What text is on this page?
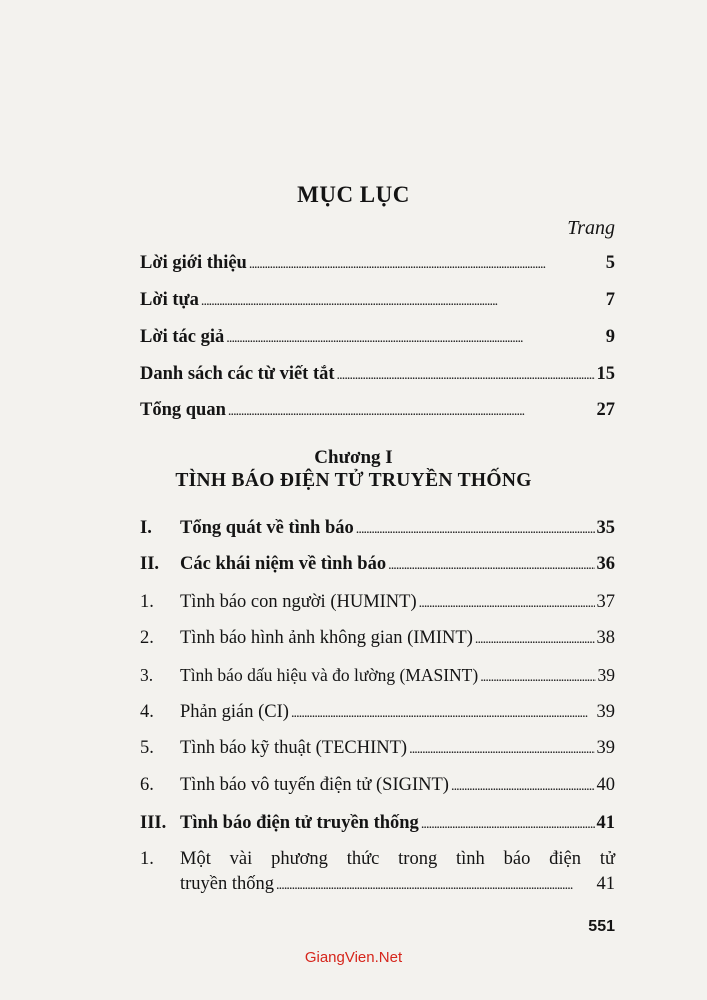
MỤC LỤC
Trang
Lời giới thiệu . . .	5
Lời tựa . . .	7
Lời tác giả . . .	9
Danh sách các từ viết tắt . . .	15
Tổng quan . . .	27
Chương I
TÌNH BÁO ĐIỆN TỬ TRUYỀN THỐNG
I.	Tổng quát về tình báo . . .	35
II.	Các khái niệm về tình báo . . .	36
1.	Tình báo con người (HUMINT) . . .	37
2.	Tình báo hình ảnh không gian (IMINT) . . .	38
3.	Tình báo dấu hiệu và đo lường (MASINT) . . .	39
4.	Phản gián (CI) . . .	39
5.	Tình báo kỹ thuật (TECHINT) . . .	39
6.	Tình báo vô tuyến điện tử (SIGINT) . . .	40
III. Tình báo điện tử truyền thống . . .	41
1.	Một vài phương thức trong tình báo điện tử
truyền thống . . .	41
551
GiangVien.Net
